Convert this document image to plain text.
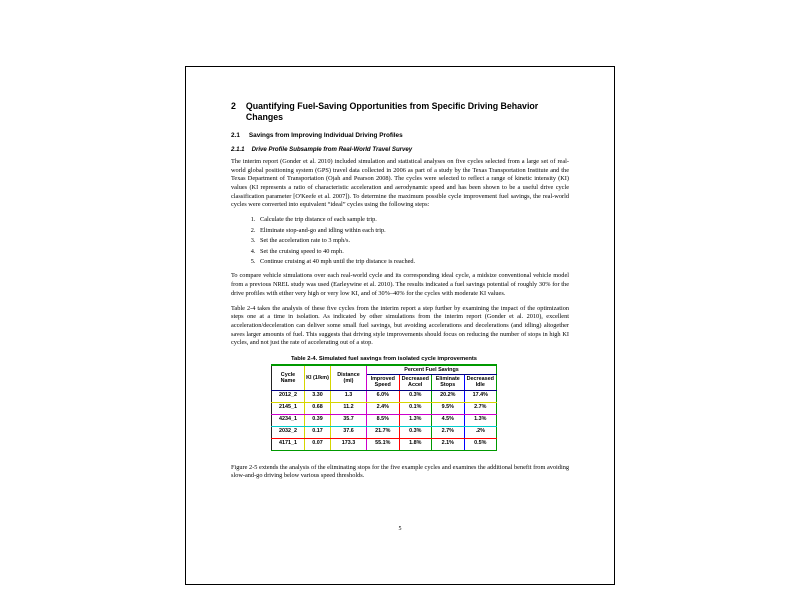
2 Quantifying Fuel-Saving Opportunities from Specific Driving Behavior Changes
2.1 Savings from Improving Individual Driving Profiles
2.1.1 Drive Profile Subsample from Real-World Travel Survey

The interim report (Gonder et al. 2010) included simulation and statistical analyses on five cycles selected from a large set of real-world global positioning system (GPS) travel data collected in 2006 as part of a study by the Texas Transportation Institute and the Texas Department of Transportation (Ojah and Pearson 2008). The cycles were selected to reflect a range of kinetic intensity (KI) values (KI represents a ratio of characteristic acceleration and aerodynamic speed and has been shown to be a useful drive cycle classification parameter [O'Keefe et al. 2007]). To determine the maximum possible cycle improvement fuel savings, the real-world cycles were converted into equivalent “ideal” cycles using the following steps:

1. Calculate the trip distance of each sample trip.
2. Eliminate stop-and-go and idling within each trip.
3. Set the acceleration rate to 3 mph/s.
4. Set the cruising speed to 40 mph.
5. Continue cruising at 40 mph until the trip distance is reached.

To compare vehicle simulations over each real-world cycle and its corresponding ideal cycle, a midsize conventional vehicle model from a previous NREL study was used (Earleywine et al. 2010). The results indicated a fuel savings potential of roughly 30% for the drive profiles with either very high or very low KI, and of 30%–40% for the cycles with moderate KI values.

Table 2-4 takes the analysis of these five cycles from the interim report a step further by examining the impact of the optimization steps one at a time in isolation. As indicated by other simulations from the interim report (Gonder et al. 2010), excellent acceleration/deceleration can deliver some small fuel savings, but avoiding accelerations and decelerations (and idling) altogether saves larger amounts of fuel. This suggests that driving style improvements should focus on reducing the number of stops in high KI cycles, and not just the rate of accelerating out of a stop.

Table 2-4. Simulated fuel savings from isolated cycle improvements
Cycle Name	KI (1/km)	Distance (mi)	Percent Fuel Savings			
			Improved Speed	Decreased Accel	Eliminate Stops	Decreased Idle
2012_2	3.30	1.3	6.0%	0.3%	20.2%	17.4%
2145_1	0.68	11.2	2.4%	0.1%	9.5%	2.7%
4234_1	0.39	35.7	8.5%	1.3%	4.5%	1.3%
2032_2	0.17	37.6	21.7%	0.3%	2.7%	.2%
4171_1	0.07	173.3	55.1%	1.8%	2.1%	0.5%

Figure 2-5 extends the analysis of the eliminating stops for the five example cycles and examines the additional benefit from avoiding slow-and-go driving below various speed thresholds.

5
